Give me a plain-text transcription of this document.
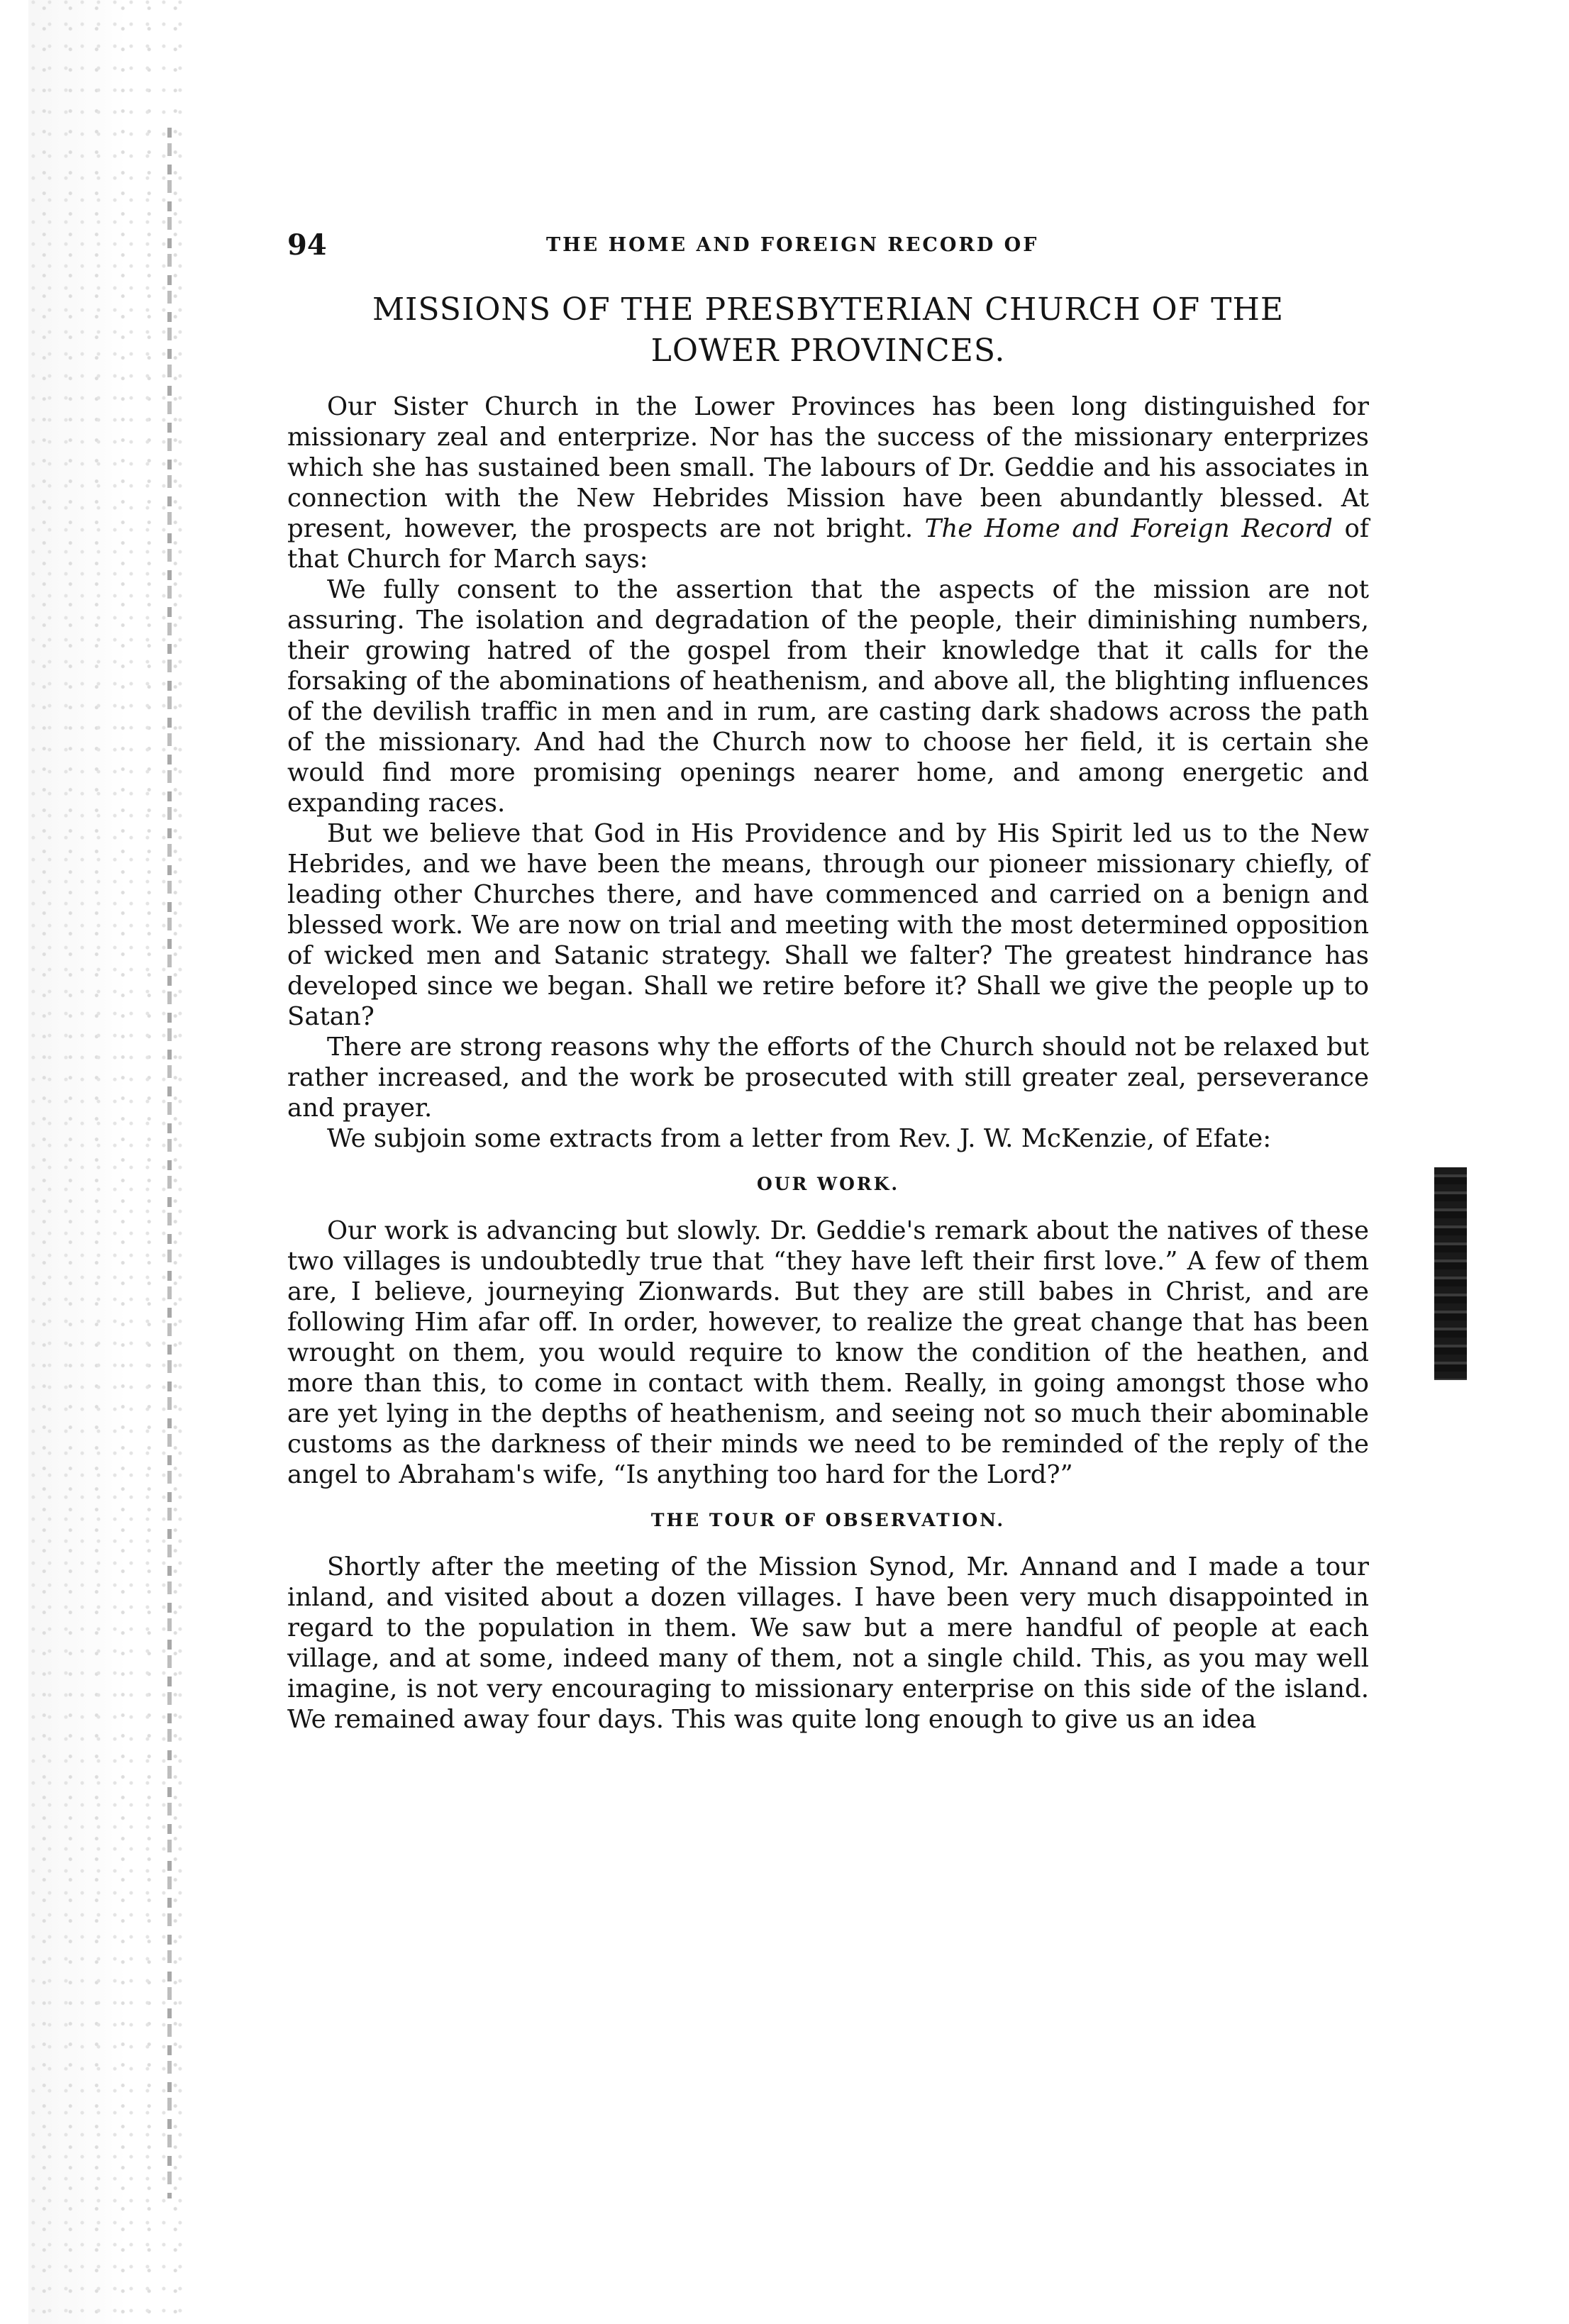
94	THE HOME AND FOREIGN RECORD OF
MISSIONS OF THE PRESBYTERIAN CHURCH OF THE
LOWER PROVINCES.

Our Sister Church in the Lower Provinces has been long distinguished for missionary zeal and enterprize. Nor has the success of the missionary enterprizes which she has sustained been small. The labours of Dr. Geddie and his associates in connection with the New Hebrides Mission have been abundantly blessed. At present, however, the prospects are not bright. The Home and Foreign Record of that Church for March says:

We fully consent to the assertion that the aspects of the mission are not assuring. The isolation and degradation of the people, their diminishing numbers, their growing hatred of the gospel from their knowledge that it calls for the forsaking of the abominations of heathenism, and above all, the blighting influences of the devilish traffic in men and in rum, are casting dark shadows across the path of the missionary. And had the Church now to choose her field, it is certain she would find more promising openings nearer home, and among energetic and expanding races.

But we believe that God in His Providence and by His Spirit led us to the New Hebrides, and we have been the means, through our pioneer missionary chiefly, of leading other Churches there, and have commenced and carried on a benign and blessed work. We are now on trial and meeting with the most determined opposition of wicked men and Satanic strategy. Shall we falter? The greatest hindrance has developed since we began. Shall we retire before it? Shall we give the people up to Satan?

There are strong reasons why the efforts of the Church should not be relaxed but rather increased, and the work be prosecuted with still greater zeal, perseverance and prayer.

We subjoin some extracts from a letter from Rev. J. W. McKenzie, of Efate:

OUR WORK.

Our work is advancing but slowly. Dr. Geddie's remark about the natives of these two villages is undoubtedly true that “they have left their first love.” A few of them are, I believe, journeying Zionwards. But they are still babes in Christ, and are following Him afar off. In order, however, to realize the great change that has been wrought on them, you would require to know the condition of the heathen, and more than this, to come in contact with them. Really, in going amongst those who are yet lying in the depths of heathenism, and seeing not so much their abominable customs as the darkness of their minds we need to be reminded of the reply of the angel to Abraham's wife, “Is anything too hard for the Lord?”

THE TOUR OF OBSERVATION.

Shortly after the meeting of the Mission Synod, Mr. Annand and I made a tour inland, and visited about a dozen villages. I have been very much disappointed in regard to the population in them. We saw but a mere handful of people at each village, and at some, indeed many of them, not a single child. This, as you may well imagine, is not very encouraging to missionary enterprise on this side of the island. We remained away four days. This was quite long enough to give us an idea
